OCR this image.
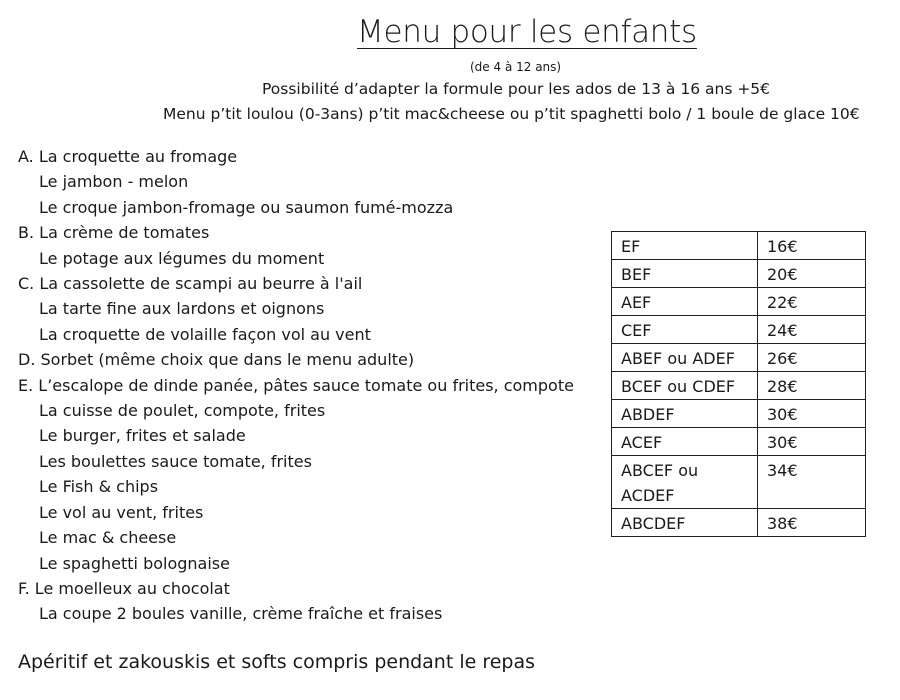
Menu pour les enfants
(de 4 à 12 ans)
Possibilité d’adapter la formule pour les ados de 13 à 16 ans +5€
Menu p’tit loulou (0-3ans) p’tit mac&cheese ou p’tit spaghetti bolo / 1 boule de glace 10€
A. La croquette au fromage
Le jambon - melon
Le croque jambon-fromage ou saumon fumé-mozza
B. La crème de tomates
Le potage aux légumes du moment
C. La cassolette de scampi au beurre à l'ail
La tarte fine aux lardons et oignons
La croquette de volaille façon vol au vent
D. Sorbet (même choix que dans le menu adulte)
E. L’escalope de dinde panée, pâtes sauce tomate ou frites, compote
La cuisse de poulet, compote, frites
Le burger, frites et salade
Les boulettes sauce tomate, frites
Le Fish & chips
Le vol au vent, frites
Le mac & cheese
Le spaghetti bolognaise
F. Le moelleux au chocolat
La coupe 2 boules vanille, crème fraîche et fraises
EF	16€
BEF	20€
AEF	22€
CEF	24€
ABEF ou ADEF	26€
BCEF ou CDEF	28€
ABDEF	30€
ACEF	30€
ABCEF ou ACDEF	34€
ABCDEF	38€
Apéritif et zakouskis et softs compris pendant le repas
